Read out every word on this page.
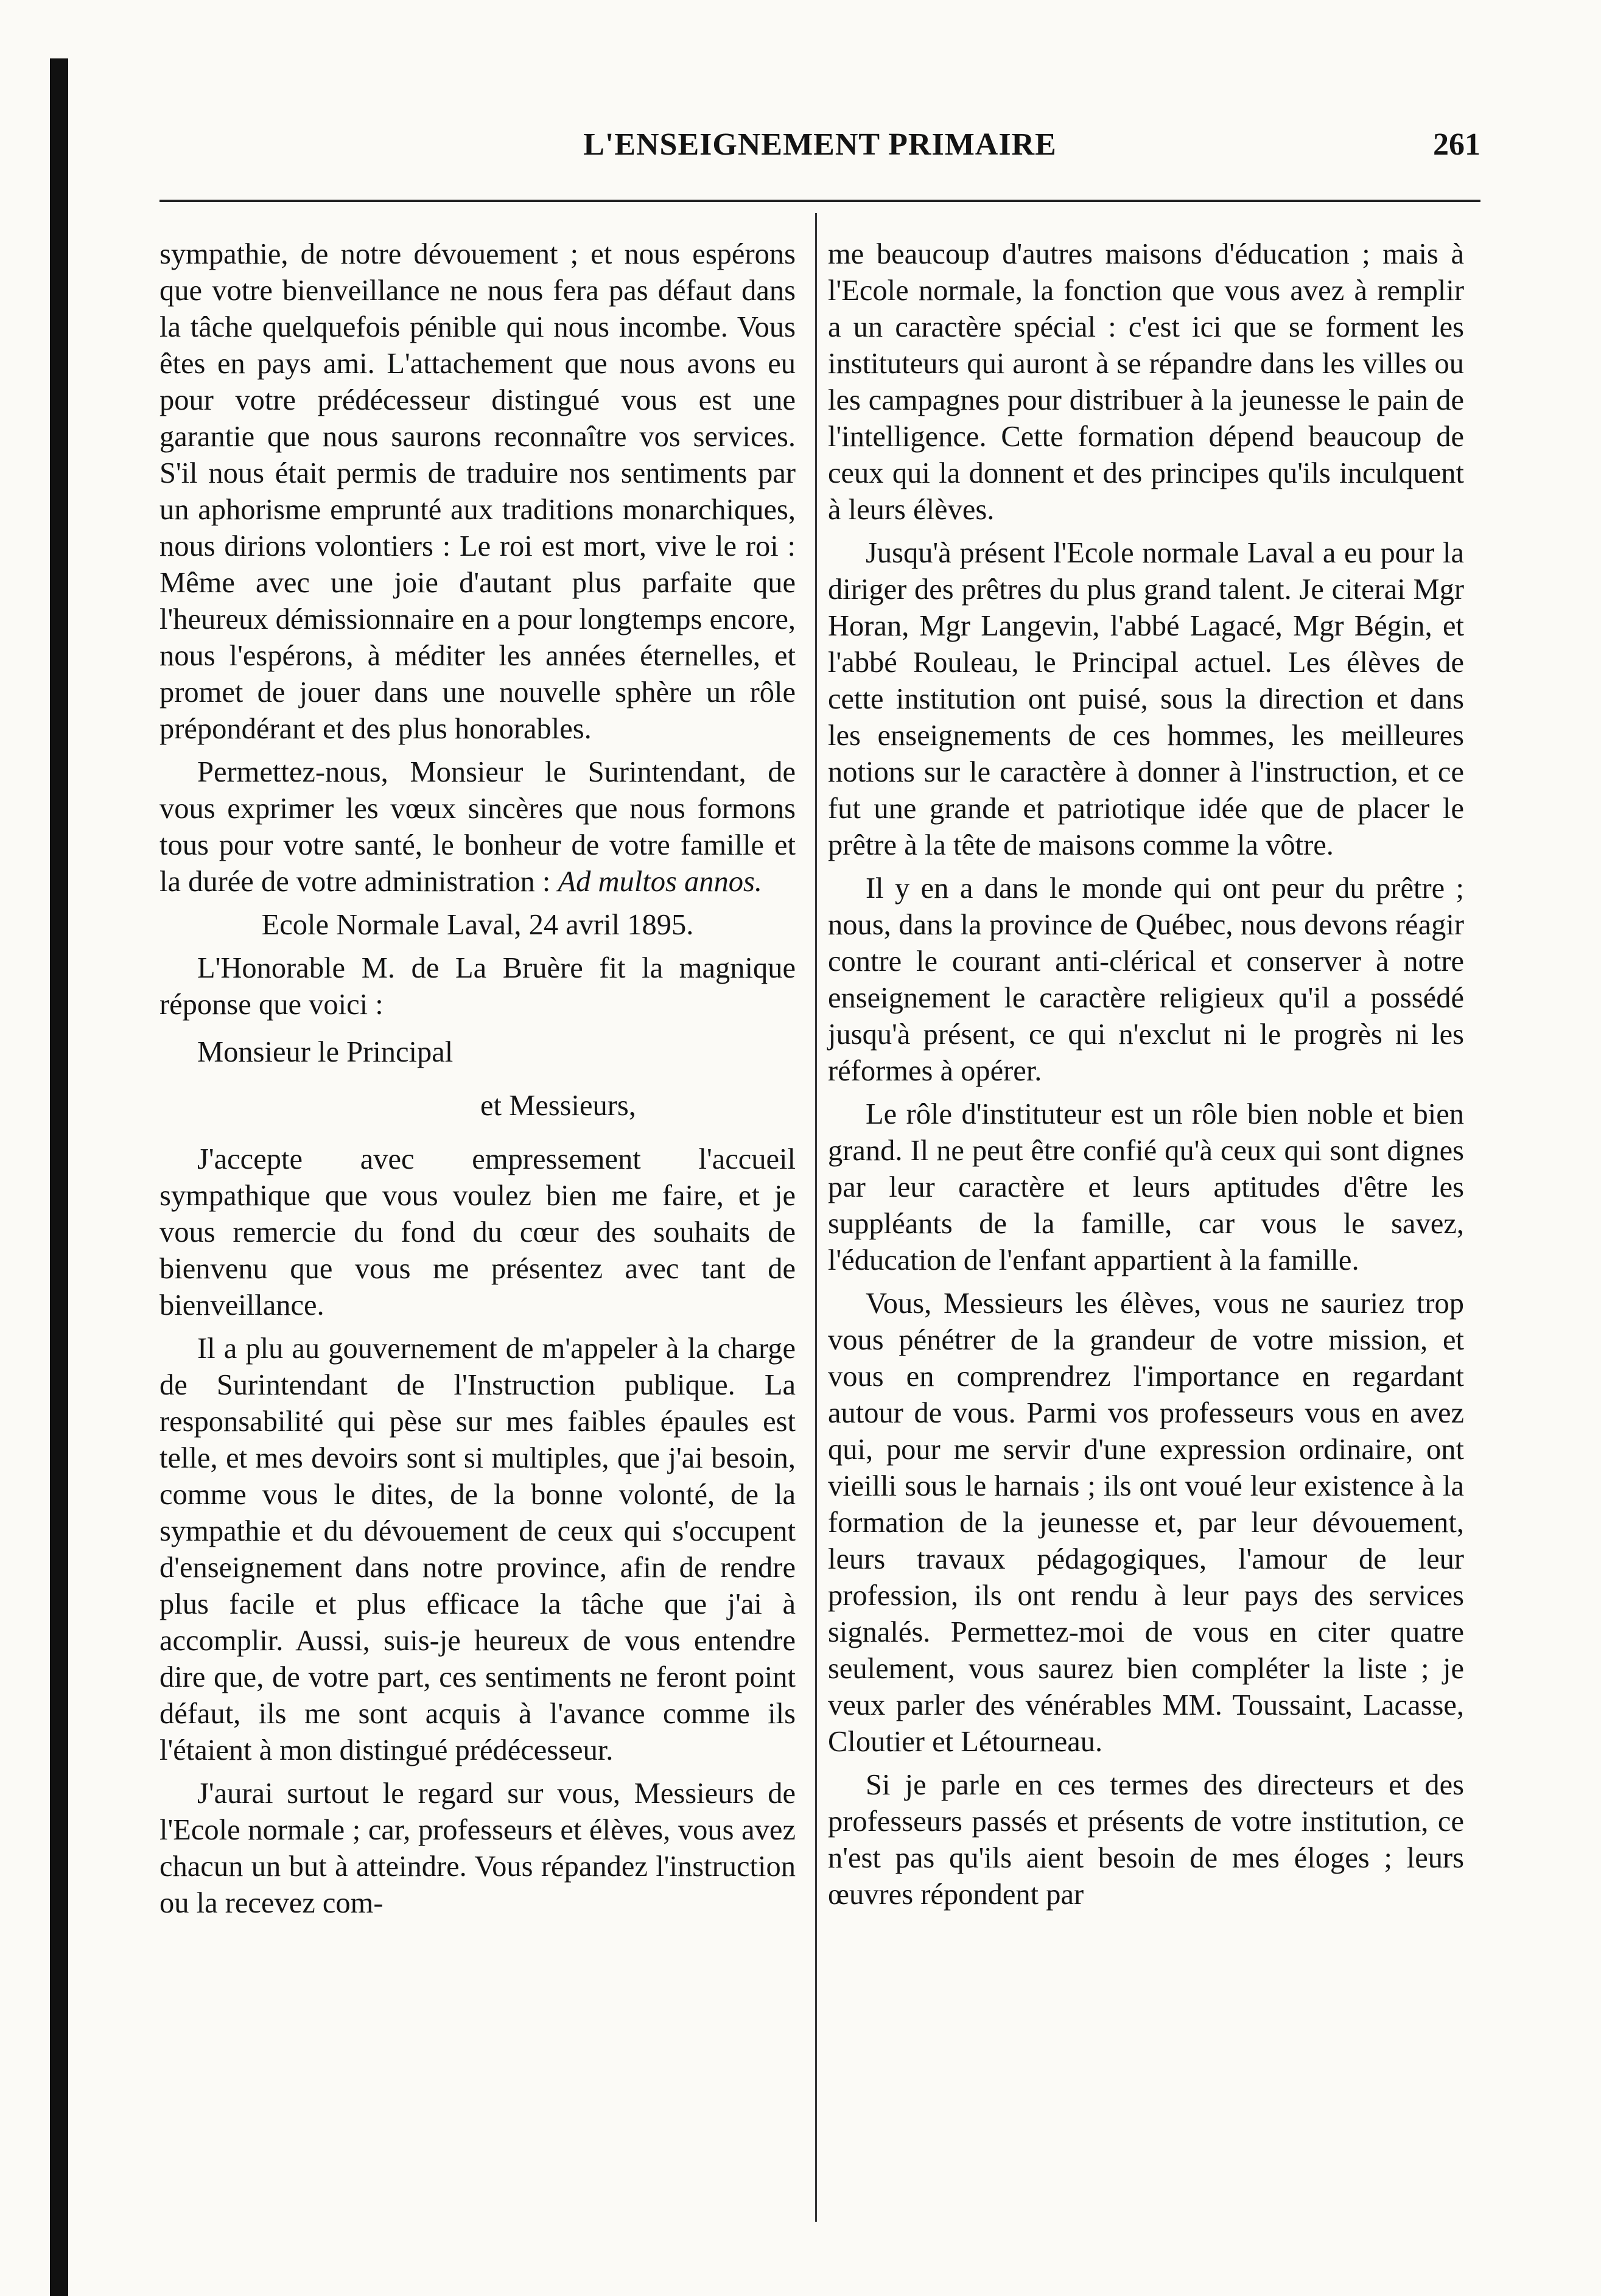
L'ENSEIGNEMENT PRIMAIRE	261

sympathie, de notre dévouement ; et nous espérons que votre bienveillance ne nous fera pas défaut dans la tâche quelquefois pénible qui nous incombe. Vous êtes en pays ami. L'attachement que nous avons eu pour votre prédécesseur distingué vous est une garantie que nous saurons reconnaître vos services. S'il nous était permis de traduire nos sentiments par un aphorisme emprunté aux traditions monarchiques, nous dirions volontiers : Le roi est mort, vive le roi : Même avec une joie d'autant plus parfaite que l'heureux démissionnaire en a pour longtemps encore, nous l'espérons, à méditer les années éternelles, et promet de jouer dans une nouvelle sphère un rôle prépondérant et des plus honorables.

Permettez-nous, Monsieur le Surintendant, de vous exprimer les vœux sincères que nous formons tous pour votre santé, le bonheur de votre famille et la durée de votre administration : Ad multos annos.

Ecole Normale Laval, 24 avril 1895.

L'Honorable M. de La Bruère fit la magnique réponse que voici :

Monsieur le Principal

et Messieurs,

J'accepte avec empressement l'accueil sympathique que vous voulez bien me faire, et je vous remercie du fond du cœur des souhaits de bienvenu que vous me présentez avec tant de bienveillance.

Il a plu au gouvernement de m'appeler à la charge de Surintendant de l'Instruction publique. La responsabilité qui pèse sur mes faibles épaules est telle, et mes devoirs sont si multiples, que j'ai besoin, comme vous le dites, de la bonne volonté, de la sympathie et du dévouement de ceux qui s'occupent d'enseignement dans notre province, afin de rendre plus facile et plus efficace la tâche que j'ai à accomplir. Aussi, suis-je heureux de vous entendre dire que, de votre part, ces sentiments ne feront point défaut, ils me sont acquis à l'avance comme ils l'étaient à mon distingué prédécesseur.

J'aurai surtout le regard sur vous, Messieurs de l'Ecole normale ; car, professeurs et élèves, vous avez chacun un but à atteindre. Vous répandez l'instruction ou la recevez com-

me beaucoup d'autres maisons d'éducation ; mais à l'Ecole normale, la fonction que vous avez à remplir a un caractère spécial : c'est ici que se forment les instituteurs qui auront à se répandre dans les villes ou les campagnes pour distribuer à la jeunesse le pain de l'intelligence. Cette formation dépend beaucoup de ceux qui la donnent et des principes qu'ils inculquent à leurs élèves.

Jusqu'à présent l'Ecole normale Laval a eu pour la diriger des prêtres du plus grand talent. Je citerai Mgr Horan, Mgr Langevin, l'abbé Lagacé, Mgr Bégin, et l'abbé Rouleau, le Principal actuel. Les élèves de cette institution ont puisé, sous la direction et dans les enseignements de ces hommes, les meilleures notions sur le caractère à donner à l'instruction, et ce fut une grande et patriotique idée que de placer le prêtre à la tête de maisons comme la vôtre.

Il y en a dans le monde qui ont peur du prêtre ; nous, dans la province de Québec, nous devons réagir contre le courant anti-clérical et conserver à notre enseignement le caractère religieux qu'il a possédé jusqu'à présent, ce qui n'exclut ni le progrès ni les réformes à opérer.

Le rôle d'instituteur est un rôle bien noble et bien grand. Il ne peut être confié qu'à ceux qui sont dignes par leur caractère et leurs aptitudes d'être les suppléants de la famille, car vous le savez, l'éducation de l'enfant appartient à la famille.

Vous, Messieurs les élèves, vous ne sauriez trop vous pénétrer de la grandeur de votre mission, et vous en comprendrez l'importance en regardant autour de vous. Parmi vos professeurs vous en avez qui, pour me servir d'une expression ordinaire, ont vieilli sous le harnais ; ils ont voué leur existence à la formation de la jeunesse et, par leur dévouement, leurs travaux pédagogiques, l'amour de leur profession, ils ont rendu à leur pays des services signalés. Permettez-moi de vous en citer quatre seulement, vous saurez bien compléter la liste ; je veux parler des vénérables MM. Toussaint, Lacasse, Cloutier et Létourneau.

Si je parle en ces termes des directeurs et des professeurs passés et présents de votre institution, ce n'est pas qu'ils aient besoin de mes éloges ; leurs œuvres répondent par
